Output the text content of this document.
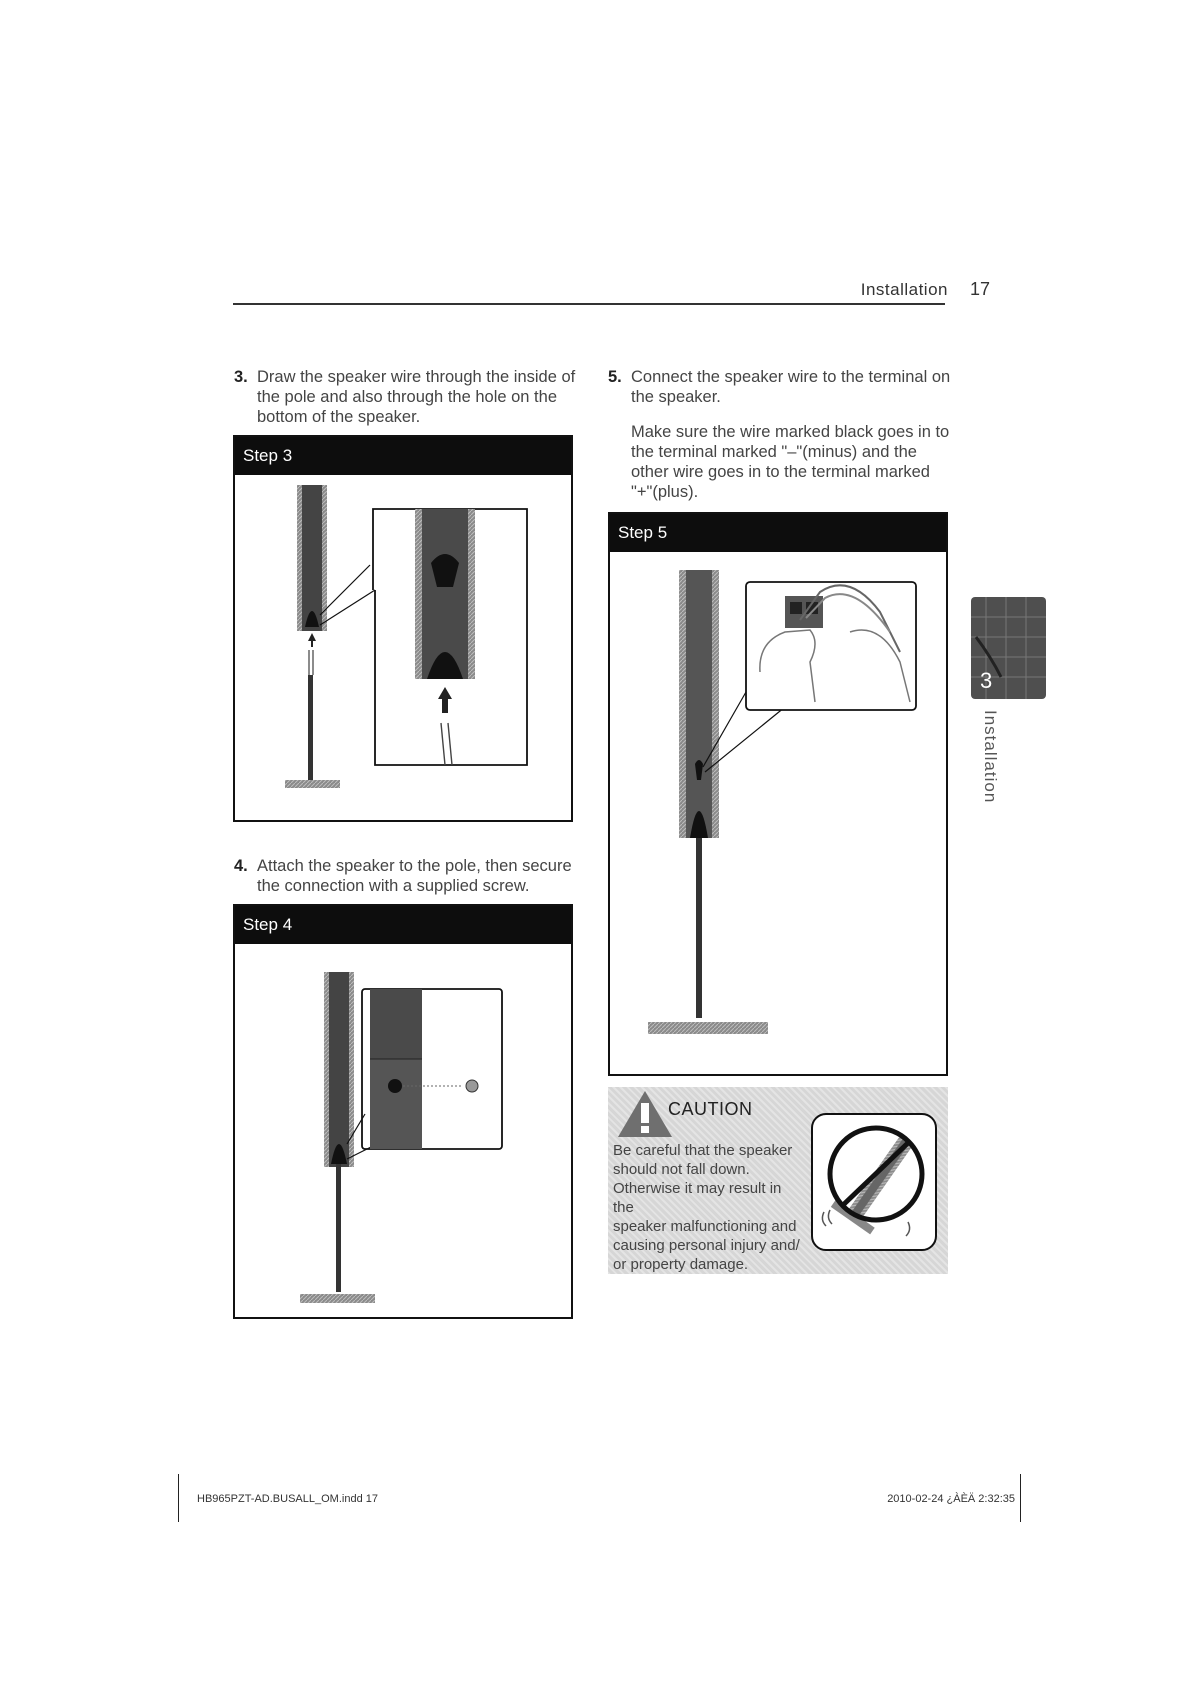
Installation 17
3. Draw the speaker wire through the inside of the pole and also through the hole on the bottom of the speaker.
Step 3
4. Attach the speaker to the pole, then secure the connection with a supplied screw.
Step 4
5. Connect the speaker wire to the terminal on the speaker.
Make sure the wire marked black goes in to the terminal marked "–"(minus) and the other wire goes in to the terminal marked "+"(plus).
Step 5
CAUTION
Be careful that the speaker
should not fall down.
Otherwise it may result in the
speaker malfunctioning and
causing personal injury and/
or property damage.
3
Installation
HB965PZT-AD.BUSALL_OM.indd 17	2010-02-24 ¿ÀÈÄ 2:32:35
